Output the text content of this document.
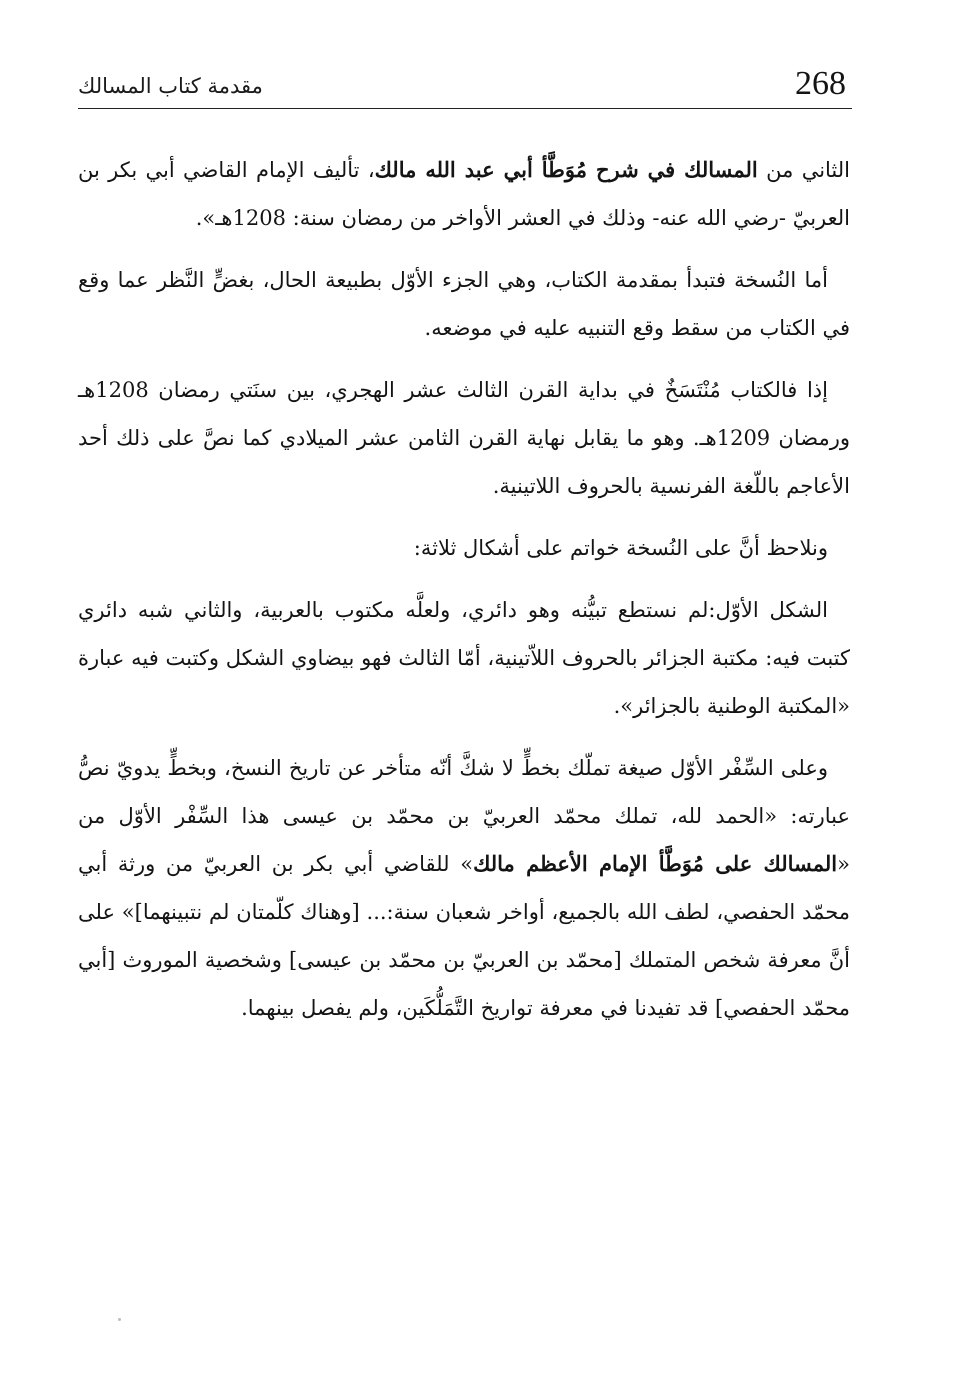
268
مقدمة كتاب المسالك

الثاني من المسالك في شرح مُوَطَّأ أبي عبد الله مالك، تأليف الإمام القاضي أبي بكر بن العربيّ -رضي الله عنه- وذلك في العشر الأواخر من رمضان سنة: 1208هـ».

أما النُسخة فتبدأ بمقدمة الكتاب، وهي الجزء الأوّل بطبيعة الحال، بغضٍّ النَّظر عما وقع في الكتاب من سقط وقع التنبيه عليه في موضعه.

إذا فالكتاب مُنْتَسَخٌ في بداية القرن الثالث عشر الهجري، بين سنَتي رمضان 1208هـ ورمضان 1209هـ. وهو ما يقابل نهاية القرن الثامن عشر الميلادي كما نصَّ على ذلك أحد الأعاجم باللّغة الفرنسية بالحروف اللاتينية.

ونلاحظ أنَّ على النُسخة خواتم على أشكال ثلاثة:

الشكل الأوّل:لم نستطع تبيُّنه وهو دائري، ولعلَّه مكتوب بالعربية، والثاني شبه دائري كتبت فيه: مكتبة الجزائر بالحروف اللاّتينية، أمّا الثالث فهو بيضاوي الشكل وكتبت فيه عبارة «المكتبة الوطنية بالجزائر».

وعلى السِّفْر الأوّل صيغة تملّك بخطٍّ لا شكَّ أنّه متأخر عن تاريخ النسخ، وبخطٍّ يدويّ نصُّ عبارته: «الحمد لله، تملك محمّد العربيّ بن محمّد بن عيسى هذا السِّفْر الأوّل من «المسالك على مُوَطَّأ الإمام الأعظم مالك» للقاضي أبي بكر بن العربيّ من ورثة أبي محمّد الحفصي، لطف الله بالجميع، أواخر شعبان سنة:... [وهناك كلّمتان لم نتبينهما]» على أنَّ معرفة شخص المتملك [محمّد بن العربيّ بن محمّد بن عيسى] وشخصية الموروث [أبي محمّد الحفصي] قد تفيدنا في معرفة تواريخ التَّمَلُّكَين، ولم يفصل بينهما.
